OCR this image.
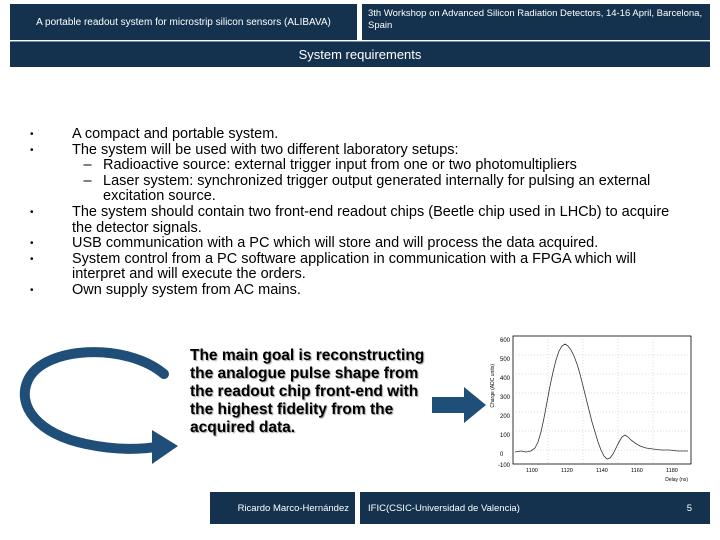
A portable readout system for microstrip silicon sensors (ALIBAVA)
3th Workshop on Advanced Silicon Radiation Detectors, 14-16 April, Barcelona, Spain
System requirements
•	A compact and portable system.
•	The system will be used with two different laboratory setups:
– Radioactive source: external trigger input from one or two photomultipliers
– Laser system: synchronized trigger output generated internally for pulsing an external excitation source.
•	The system should contain two front-end readout chips (Beetle chip used in LHCb) to acquire the detector signals.
•	USB communication with a PC which will store and will process the data acquired.
•	System control from a PC software application in communication with a FPGA which will interpret and will execute the orders.
•	Own supply system from AC mains.
The main goal is reconstructing the analogue pulse shape from the readout chip front-end with the highest fidelity from the acquired data.
Charge (ADC units)
600
500
400
300
200
100
0
-100
1100	1120	1140	1160	1180
Delay (ns)
Ricardo Marco-Hernández IFIC(CSIC-Universidad de Valencia)	5
